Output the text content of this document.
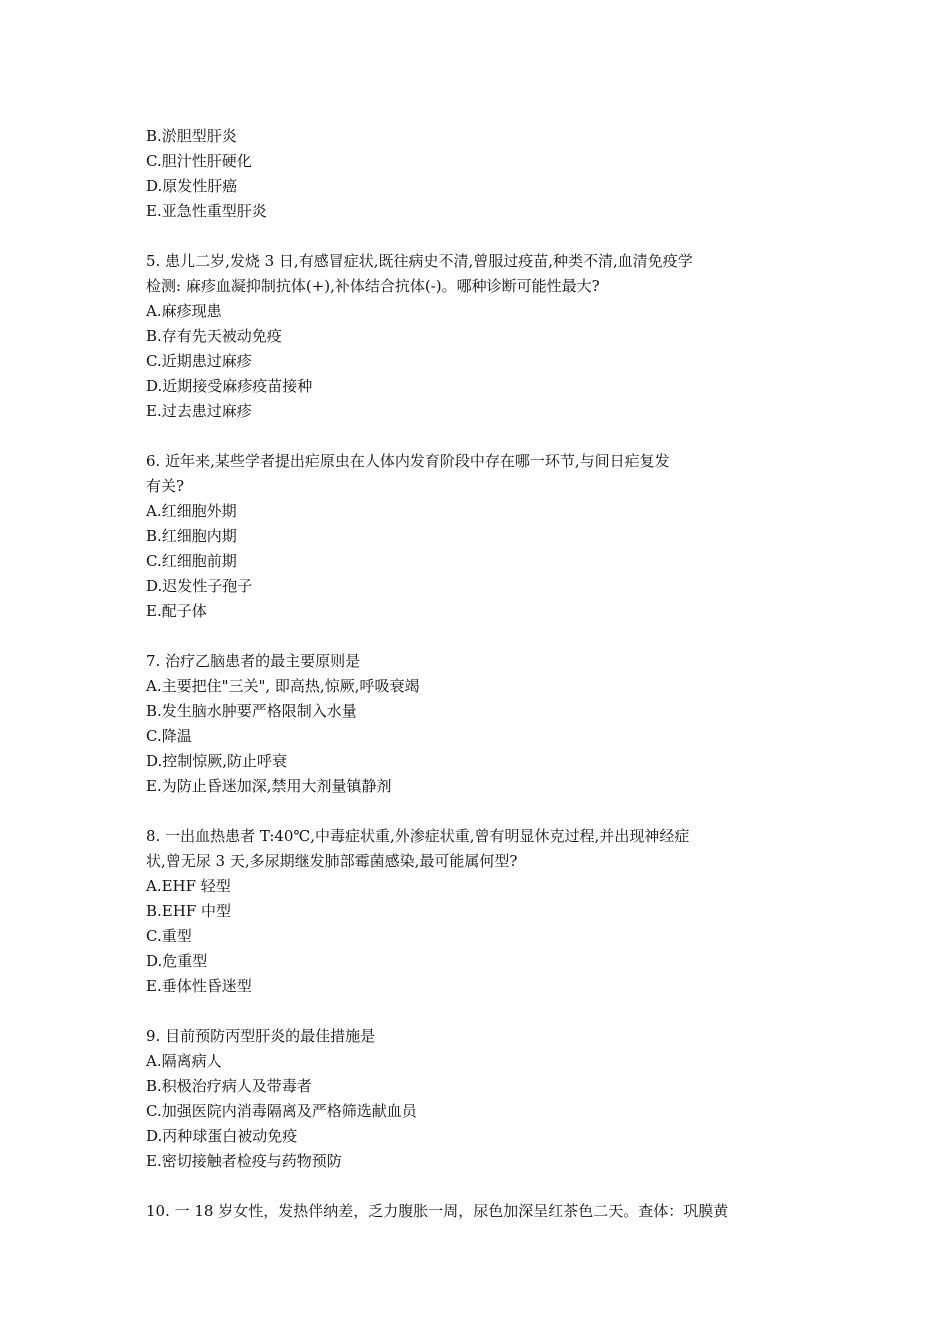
B.淤胆型肝炎
C.胆汁性肝硬化
D.原发性肝癌
E.亚急性重型肝炎
5. 患儿二岁,发烧 3 日,有感冒症状,既往病史不清,曾服过疫苗,种类不清,血清免疫学
检测: 麻疹血凝抑制抗体(+),补体结合抗体(-)。哪种诊断可能性最大?
A.麻疹现患
B.存有先天被动免疫
C.近期患过麻疹
D.近期接受麻疹疫苗接种
E.过去患过麻疹
6. 近年来,某些学者提出疟原虫在人体内发育阶段中存在哪一环节,与间日疟复发
有关?
A.红细胞外期
B.红细胞内期
C.红细胞前期
D.迟发性子孢子
E.配子体
7. 治疗乙脑患者的最主要原则是
A.主要把住"三关", 即高热,惊厥,呼吸衰竭
B.发生脑水肿要严格限制入水量
C.降温
D.控制惊厥,防止呼衰
E.为防止昏迷加深,禁用大剂量镇静剂
8. 一出血热患者 T:40℃,中毒症状重,外渗症状重,曾有明显休克过程,并出现神经症
状,曾无尿 3 天,多尿期继发肺部霉菌感染,最可能属何型?
A.EHF 轻型
B.EHF 中型
C.重型
D.危重型
E.垂体性昏迷型
9. 目前预防丙型肝炎的最佳措施是
A.隔离病人
B.积极治疗病人及带毒者
C.加强医院内消毒隔离及严格筛选献血员
D.丙种球蛋白被动免疫
E.密切接触者检疫与药物预防
10. 一 18 岁女性，发热伴纳差，乏力腹胀一周，尿色加深呈红茶色二天。查体：巩膜黄
